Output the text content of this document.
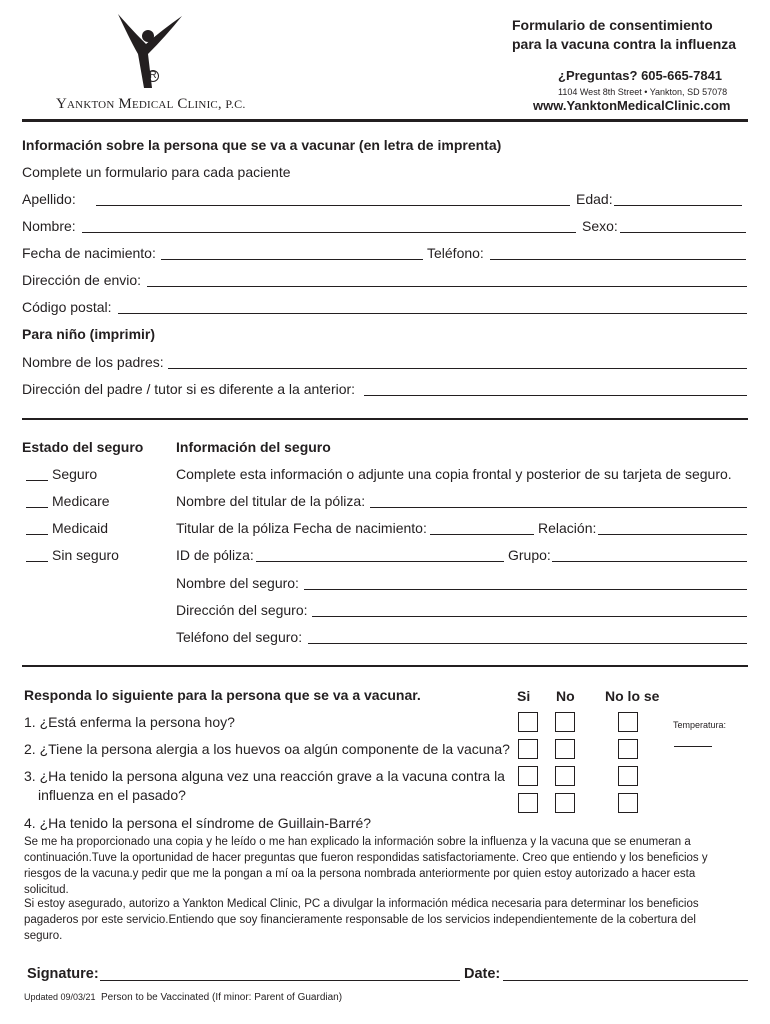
R
Yankton Medical Clinic, P.C.
Formulario de consentimiento
para la vacuna contra la influenza
¿Preguntas? 605-665-7841
1104 West 8th Street • Yankton, SD 57078
www.YanktonMedicalClinic.com
Información sobre la persona que se va a vacunar (en letra de imprenta)
Complete un formulario para cada paciente
Apellido:	Edad:
Nombre:	Sexo:
Fecha de nacimiento:	Teléfono:
Dirección de envio:
Código postal:
Para niño (imprimir)
Nombre de los padres:
Dirección del padre / tutor si es diferente a la anterior:
Estado del seguro Información del seguro
Seguro
Medicare
Medicaid
Sin seguro
Complete esta información o adjunte una copia frontal y posterior de su tarjeta de seguro.
Nombre del titular de la póliza:
Titular de la póliza Fecha de nacimiento:	Relación:
ID de póliza:	Grupo:
Nombre del seguro:
Dirección del seguro:
Teléfono del seguro:
Responda lo siguiente para la persona que se va a vacunar.	Si No No lo se
1. ¿Está enferma la persona hoy?	Temperatura:
2. ¿Tiene la persona alergia a los huevos oa algún componente de la vacuna?
3. ¿Ha tenido la persona alguna vez una reacción grave a la vacuna contra la
influenza en el pasado?
4. ¿Ha tenido la persona el síndrome de Guillain-Barré?
Se me ha proporcionado una copia y he leído o me han explicado la información sobre la influenza y la vacuna que se enumeran a continuación.Tuve la oportunidad de hacer preguntas que fueron respondidas satisfactoriamente. Creo que entiendo y los beneficios y riesgos de la vacuna.y pedir que me la pongan a mí oa la persona nombrada anteriormente por quien estoy autorizado a hacer esta solicitud.
Si estoy asegurado, autorizo a Yankton Medical Clinic, PC a divulgar la información médica necesaria para determinar los beneficios pagaderos por este servicio.Entiendo que soy financieramente responsable de los servicios independientemente de la cobertura del seguro.
Signature:	Date:
Updated 09/03/21 Person to be Vaccinated (If minor: Parent of Guardian)
